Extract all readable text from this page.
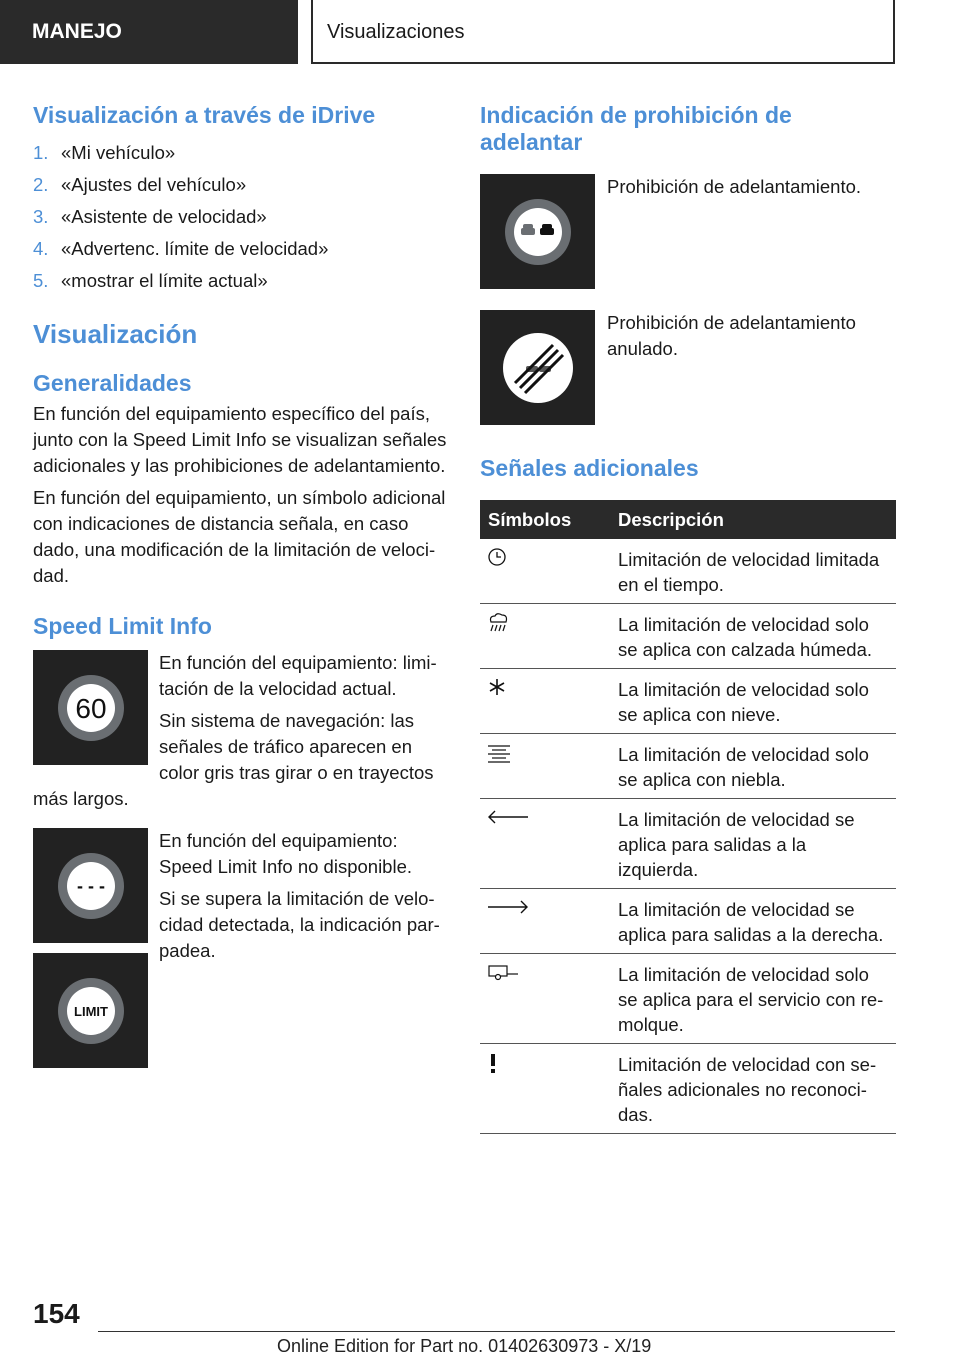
MANEJO	Visualizaciones
Visualización a través de iDrive
1. «Mi vehículo»
2. «Ajustes del vehículo»
3. «Asistente de velocidad»
4. «Advertenc. límite de velocidad»
5. «mostrar el límite actual»
Visualización
Generalidades

En función del equipamiento específico del país, junto con la Speed Limit Info se visualizan señales adicionales y las prohibiciones de adelantamiento.

En función del equipamiento, un símbolo adicional con indicaciones de distancia señala, en caso dado, una modificación de la limitación de velocidad.

Speed Limit Info
60

En función del equipamiento: limitación de la velocidad actual.

Sin sistema de navegación: las señales de tráfico aparecen en color gris tras girar o en trayectos

más largos.

- - -
LIMIT

En función del equipamiento: Speed Limit Info no disponible.

Si se supera la limitación de velocidad detectada, la indicación parpadea.

Indicación de prohibición de adelantar

Prohibición de adelantamiento.

Prohibición de adelantamiento anulado.

Señales adicionales
Símbolos	Descripción
	Limitación de velocidad limitada en el tiempo.
	La limitación de velocidad solo se aplica con calzada húmeda.
	La limitación de velocidad solo se aplica con nieve.
	La limitación de velocidad solo se aplica con niebla.
	La limitación de velocidad se aplica para salidas a la izquierda.
	La limitación de velocidad se aplica para salidas a la derecha.
	La limitación de velocidad solo se aplica para el servicio con remolque.
	Limitación de velocidad con señales adicionales no reconocidas.
154
Online Edition for Part no. 01402630973 - X/19
